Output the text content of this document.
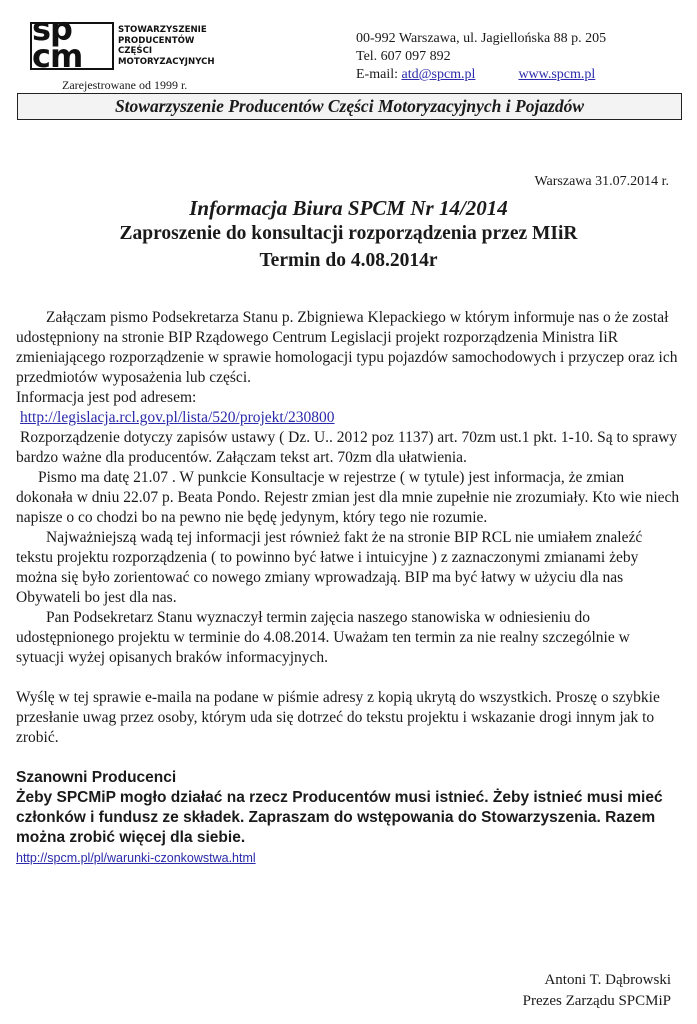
sp
cm
STOWARZYSZENIE
PRODUCENTÓW
CZĘŚCI
MOTORYZACYJNYCH
Zarejestrowane od 1999 r.
00-992 Warszawa, ul. Jagiellońska 88 p. 205
Tel. 607 097 892
E-mail: atd@spcm.pl	www.spcm.pl
Stowarzyszenie Producentów Części Motoryzacyjnych i Pojazdów
Warszawa 31.07.2014 r.
Informacja Biura SPCM Nr 14/2014
Zaproszenie do konsultacji rozporządzenia przez MIiR
Termin do 4.08.2014r

Załączam pismo Podsekretarza Stanu p. Zbigniewa Klepackiego w którym informuje nas o że został udostępniony na stronie BIP Rządowego Centrum Legislacji projekt rozporządzenia Ministra IiR zmieniającego rozporządzenie w sprawie homologacji typu pojazdów samochodowych i przyczep oraz ich przedmiotów wyposażenia lub części.

Informacja jest pod adresem:

http://legislacja.rcl.gov.pl/lista/520/projekt/230800

Rozporządzenie dotyczy zapisów ustawy ( Dz. U.. 2012 poz 1137) art. 70zm ust.1 pkt. 1-10. Są to sprawy bardzo ważne dla producentów. Załączam tekst art. 70zm dla ułatwienia.

Pismo ma datę 21.07 . W punkcie Konsultacje w rejestrze ( w tytule) jest informacja, że zmian dokonała w dniu 22.07 p. Beata Pondo. Rejestr zmian jest dla mnie zupełnie nie zrozumiały. Kto wie niech napisze o co chodzi bo na pewno nie będę jedynym, który tego nie rozumie.

Najważniejszą wadą tej informacji jest również fakt że na stronie BIP RCL nie umiałem znaleźć tekstu projektu rozporządzenia ( to powinno być łatwe i intuicyjne ) z zaznaczonymi zmianami żeby można się było zorientować co nowego zmiany wprowadzają. BIP ma być łatwy w użyciu dla nas Obywateli bo jest dla nas.

Pan Podsekretarz Stanu wyznaczył termin zajęcia naszego stanowiska w odniesieniu do udostępnionego projektu w terminie do 4.08.2014. Uważam ten termin za nie realny szczególnie w sytuacji wyżej opisanych braków informacyjnych.

Wyślę w tej sprawie e-maila na podane w piśmie adresy z kopią ukrytą do wszystkich. Proszę o szybkie przesłanie uwag przez osoby, którym uda się dotrzeć do tekstu projektu i wskazanie drogi innym jak to zrobić.

Szanowni Producenci

Żeby SPCMiP mogło działać na rzecz Producentów musi istnieć. Żeby istnieć musi mieć członków i fundusz ze składek. Zapraszam do wstępowania do Stowarzyszenia. Razem można zrobić więcej dla siebie.

http://spcm.pl/pl/warunki-czonkowstwa.html

Antoni T. Dąbrowski
Prezes Zarządu SPCMiP
